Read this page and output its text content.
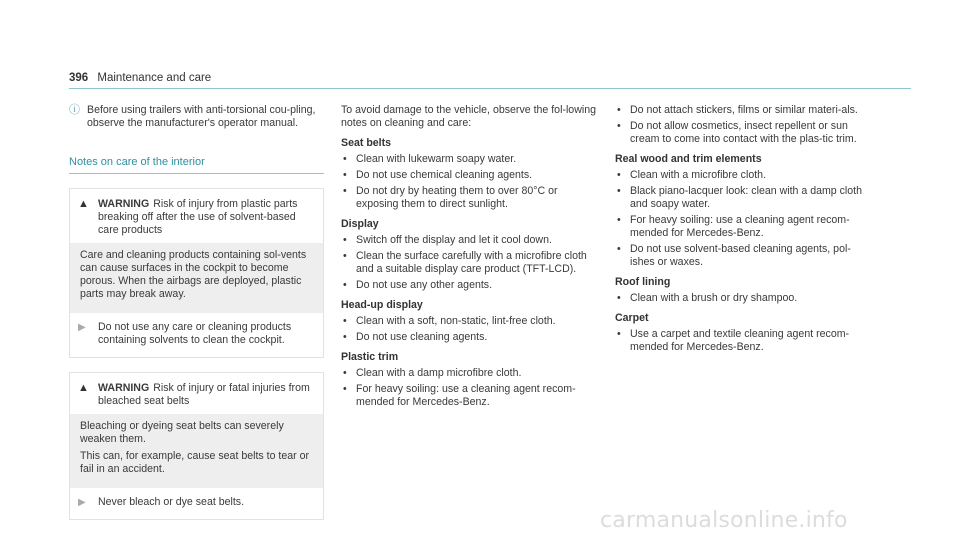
396 Maintenance and care
ⓘ Before using trailers with anti-torsional cou-pling, observe the manufacturer's operator manual.
Notes on care of the interior
▲ WARNING Risk of injury from plastic parts breaking off after the use of solvent-based care products

Care and cleaning products containing sol-vents can cause surfaces in the cockpit to become porous. When the airbags are deployed, plastic parts may break away.

▶	Do not use any care or cleaning products containing solvents to clean the cockpit.
▲ WARNING Risk of injury or fatal injuries from bleached seat belts

Bleaching or dyeing seat belts can severely weaken them.

This can, for example, cause seat belts to tear or fail in an accident.

▶	Never bleach or dye seat belts.

To avoid damage to the vehicle, observe the fol-lowing notes on cleaning and care:

Seat belts
• Clean with lukewarm soapy water.
• Do not use chemical cleaning agents.
• Do not dry by heating them to over 80°C or exposing them to direct sunlight.
Display
• Switch off the display and let it cool down.
• Clean the surface carefully with a microfibre cloth and a suitable display care product (TFT-LCD).
• Do not use any other agents.
Head-up display
• Clean with a soft, non-static, lint-free cloth.
• Do not use cleaning agents.
Plastic trim
• Clean with a damp microfibre cloth.
• For heavy soiling: use a cleaning agent recom-mended for Mercedes-Benz.
• Do not attach stickers, films or similar materi-als.
• Do not allow cosmetics, insect repellent or sun cream to come into contact with the plas-tic trim.
Real wood and trim elements
• Clean with a microfibre cloth.
• Black piano-lacquer look: clean with a damp cloth and soapy water.
• For heavy soiling: use a cleaning agent recom-mended for Mercedes-Benz.
• Do not use solvent-based cleaning agents, pol-ishes or waxes.
Roof lining
• Clean with a brush or dry shampoo.
Carpet
• Use a carpet and textile cleaning agent recom-mended for Mercedes-Benz.
carmanualsonline.info
